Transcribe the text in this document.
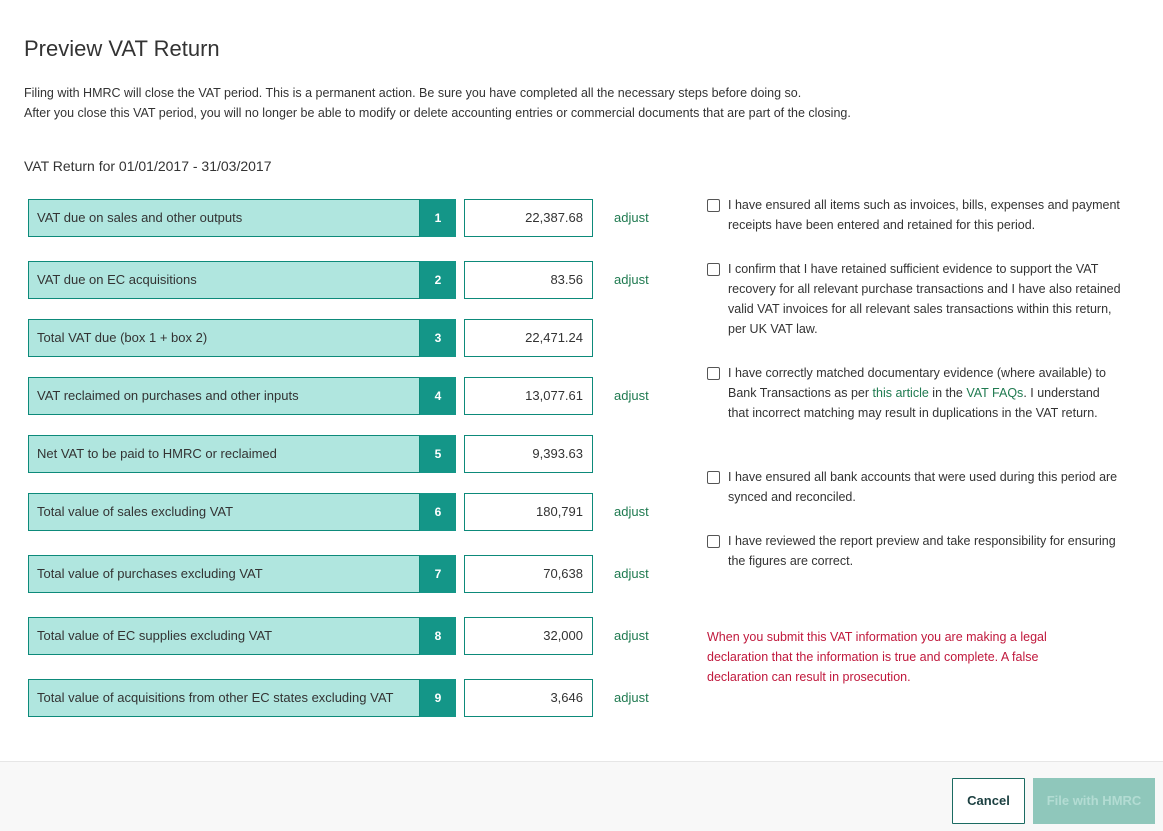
Preview VAT Return
Filing with HMRC will close the VAT period. This is a permanent action. Be sure you have completed all the necessary steps before doing so.
After you close this VAT period, you will no longer be able to modify or delete accounting entries or commercial documents that are part of the closing.
VAT Return for 01/01/2017 - 31/03/2017
VAT due on sales and other outputs	1	22,387.68	adjust
VAT due on EC acquisitions	2	83.56	adjust
Total VAT due (box 1 + box 2)	3	22,471.24
VAT reclaimed on purchases and other inputs	4	13,077.61	adjust
Net VAT to be paid to HMRC or reclaimed	5	9,393.63
Total value of sales excluding VAT	6	180,791	adjust
Total value of purchases excluding VAT	7	70,638	adjust
Total value of EC supplies excluding VAT	8	32,000	adjust
Total value of acquisitions from other EC states excluding VAT	9	3,646	adjust
I have ensured all items such as invoices, bills, expenses and payment receipts have been entered and retained for this period.
I confirm that I have retained sufficient evidence to support the VAT recovery for all relevant purchase transactions and I have also retained valid VAT invoices for all relevant sales transactions within this return, per UK VAT law.
I have correctly matched documentary evidence (where available) to Bank Transactions as per this article in the VAT FAQs. I understand that incorrect matching may result in duplications in the VAT return.
I have ensured all bank accounts that were used during this period are synced and reconciled.
I have reviewed the report preview and take responsibility for ensuring the figures are correct.
When you submit this VAT information you are making a legal declaration that the information is true and complete. A false declaration can result in prosecution.
Cancel	File with HMRC
